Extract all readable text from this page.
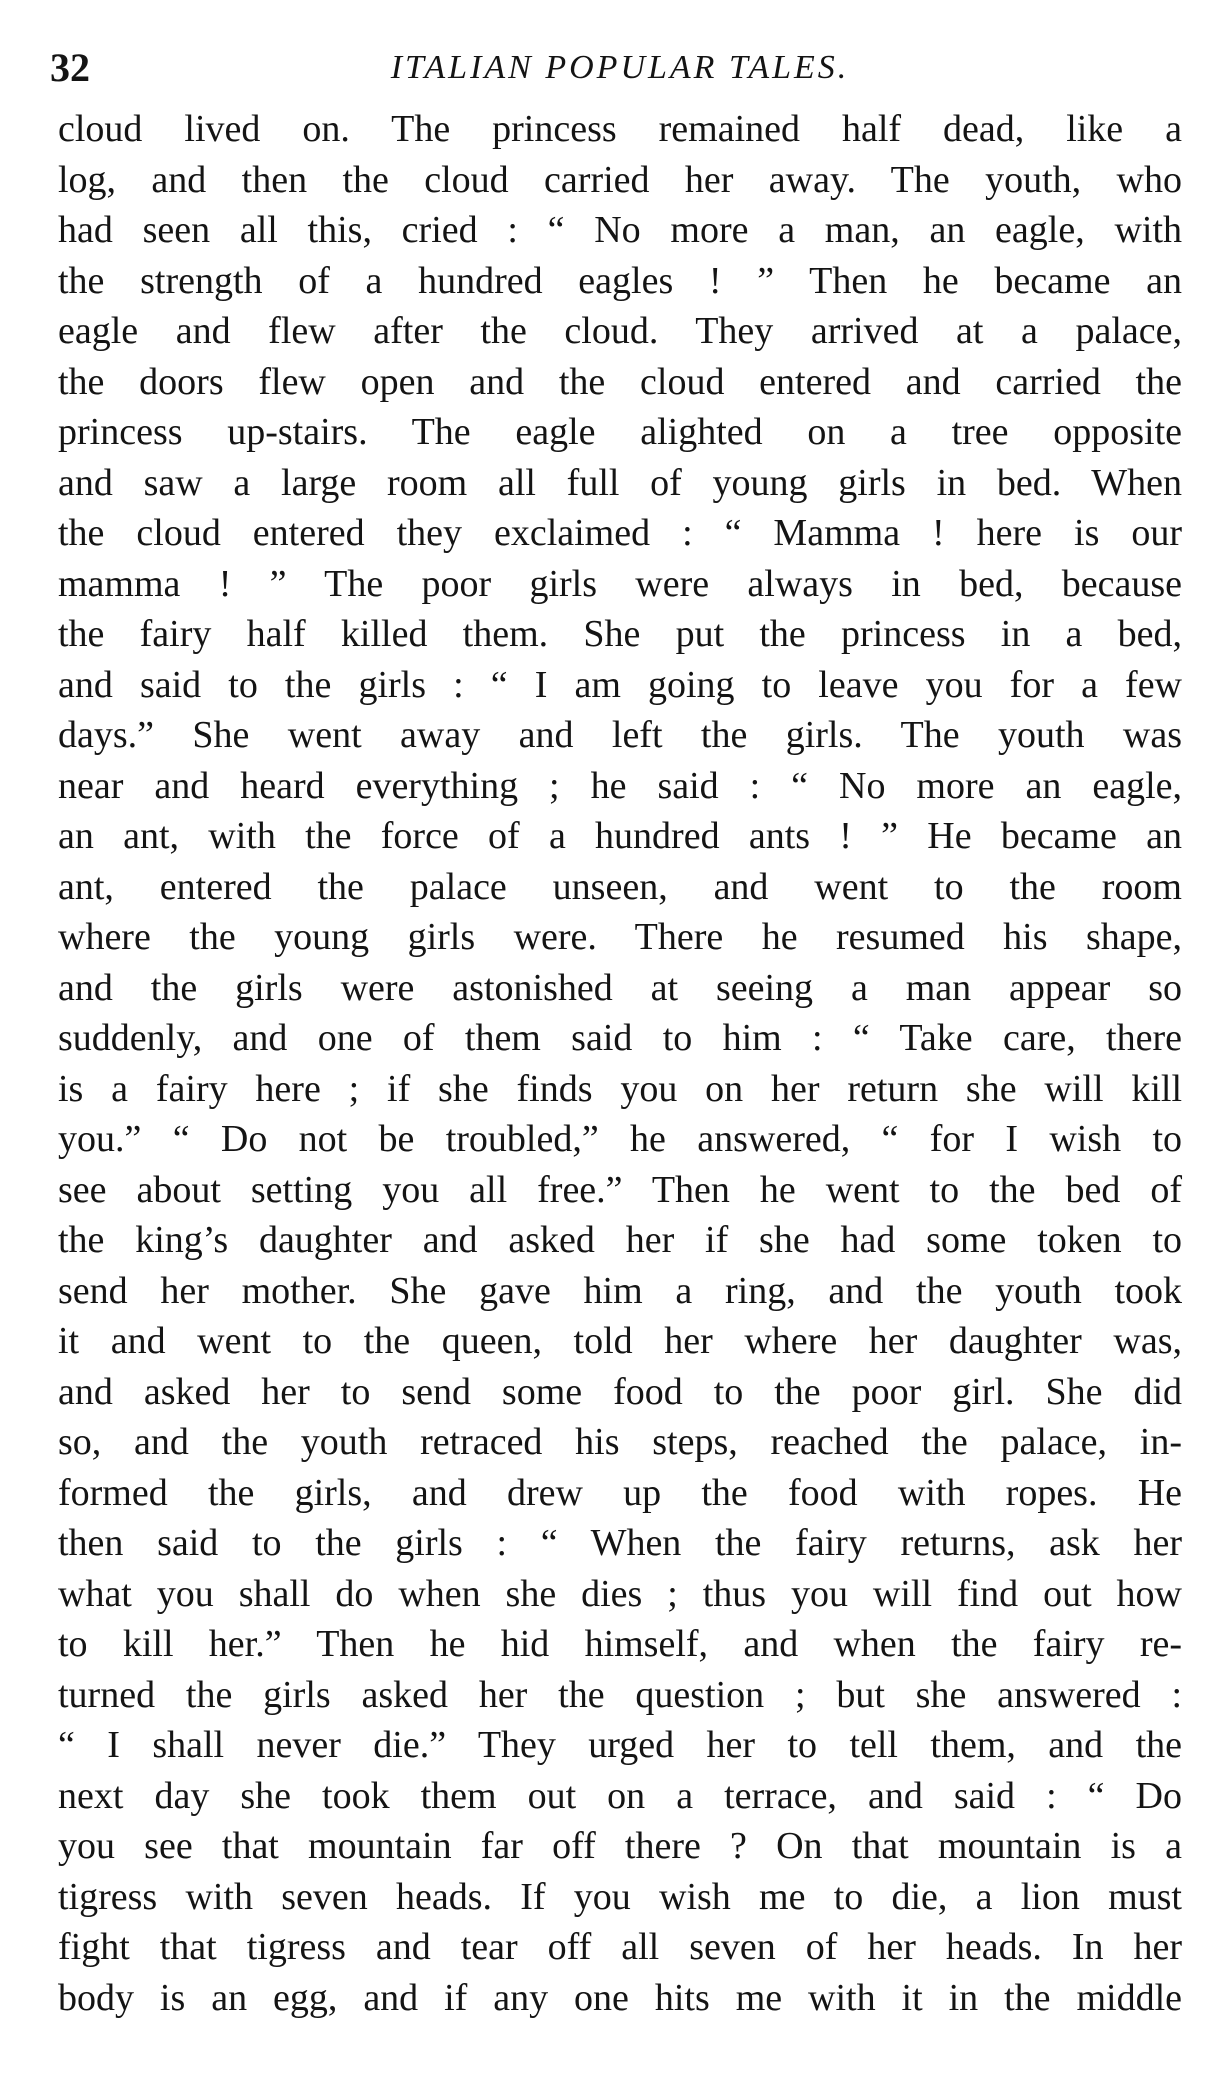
32	ITALIAN POPULAR TALES.
cloud lived on. The princess remained half dead, like a
log, and then the cloud carried her away. The youth, who
had seen all this, cried : “ No more a man, an eagle, with
the strength of a hundred eagles ! ” Then he became an
eagle and flew after the cloud. They arrived at a palace,
the doors flew open and the cloud entered and carried the
princess up-stairs. The eagle alighted on a tree opposite
and saw a large room all full of young girls in bed. When
the cloud entered they exclaimed : “ Mamma ! here is our
mamma ! ” The poor girls were always in bed, because
the fairy half killed them. She put the princess in a bed,
and said to the girls : “ I am going to leave you for a few
days.” She went away and left the girls. The youth was
near and heard everything ; he said : “ No more an eagle,
an ant, with the force of a hundred ants ! ” He became an
ant, entered the palace unseen, and went to the room
where the young girls were. There he resumed his shape,
and the girls were astonished at seeing a man appear so
suddenly, and one of them said to him : “ Take care, there
is a fairy here ; if she finds you on her return she will kill
you.” “ Do not be troubled,” he answered, “ for I wish to
see about setting you all free.” Then he went to the bed of
the king’s daughter and asked her if she had some token to
send her mother. She gave him a ring, and the youth took
it and went to the queen, told her where her daughter was,
and asked her to send some food to the poor girl. She did
so, and the youth retraced his steps, reached the palace, in-
formed the girls, and drew up the food with ropes. He
then said to the girls : “ When the fairy returns, ask her
what you shall do when she dies ; thus you will find out how
to kill her.” Then he hid himself, and when the fairy re-
turned the girls asked her the question ; but she answered :
“ I shall never die.” They urged her to tell them, and the
next day she took them out on a terrace, and said : “ Do
you see that mountain far off there ? On that mountain is a
tigress with seven heads. If you wish me to die, a lion must
fight that tigress and tear off all seven of her heads. In her
body is an egg, and if any one hits me with it in the middle
